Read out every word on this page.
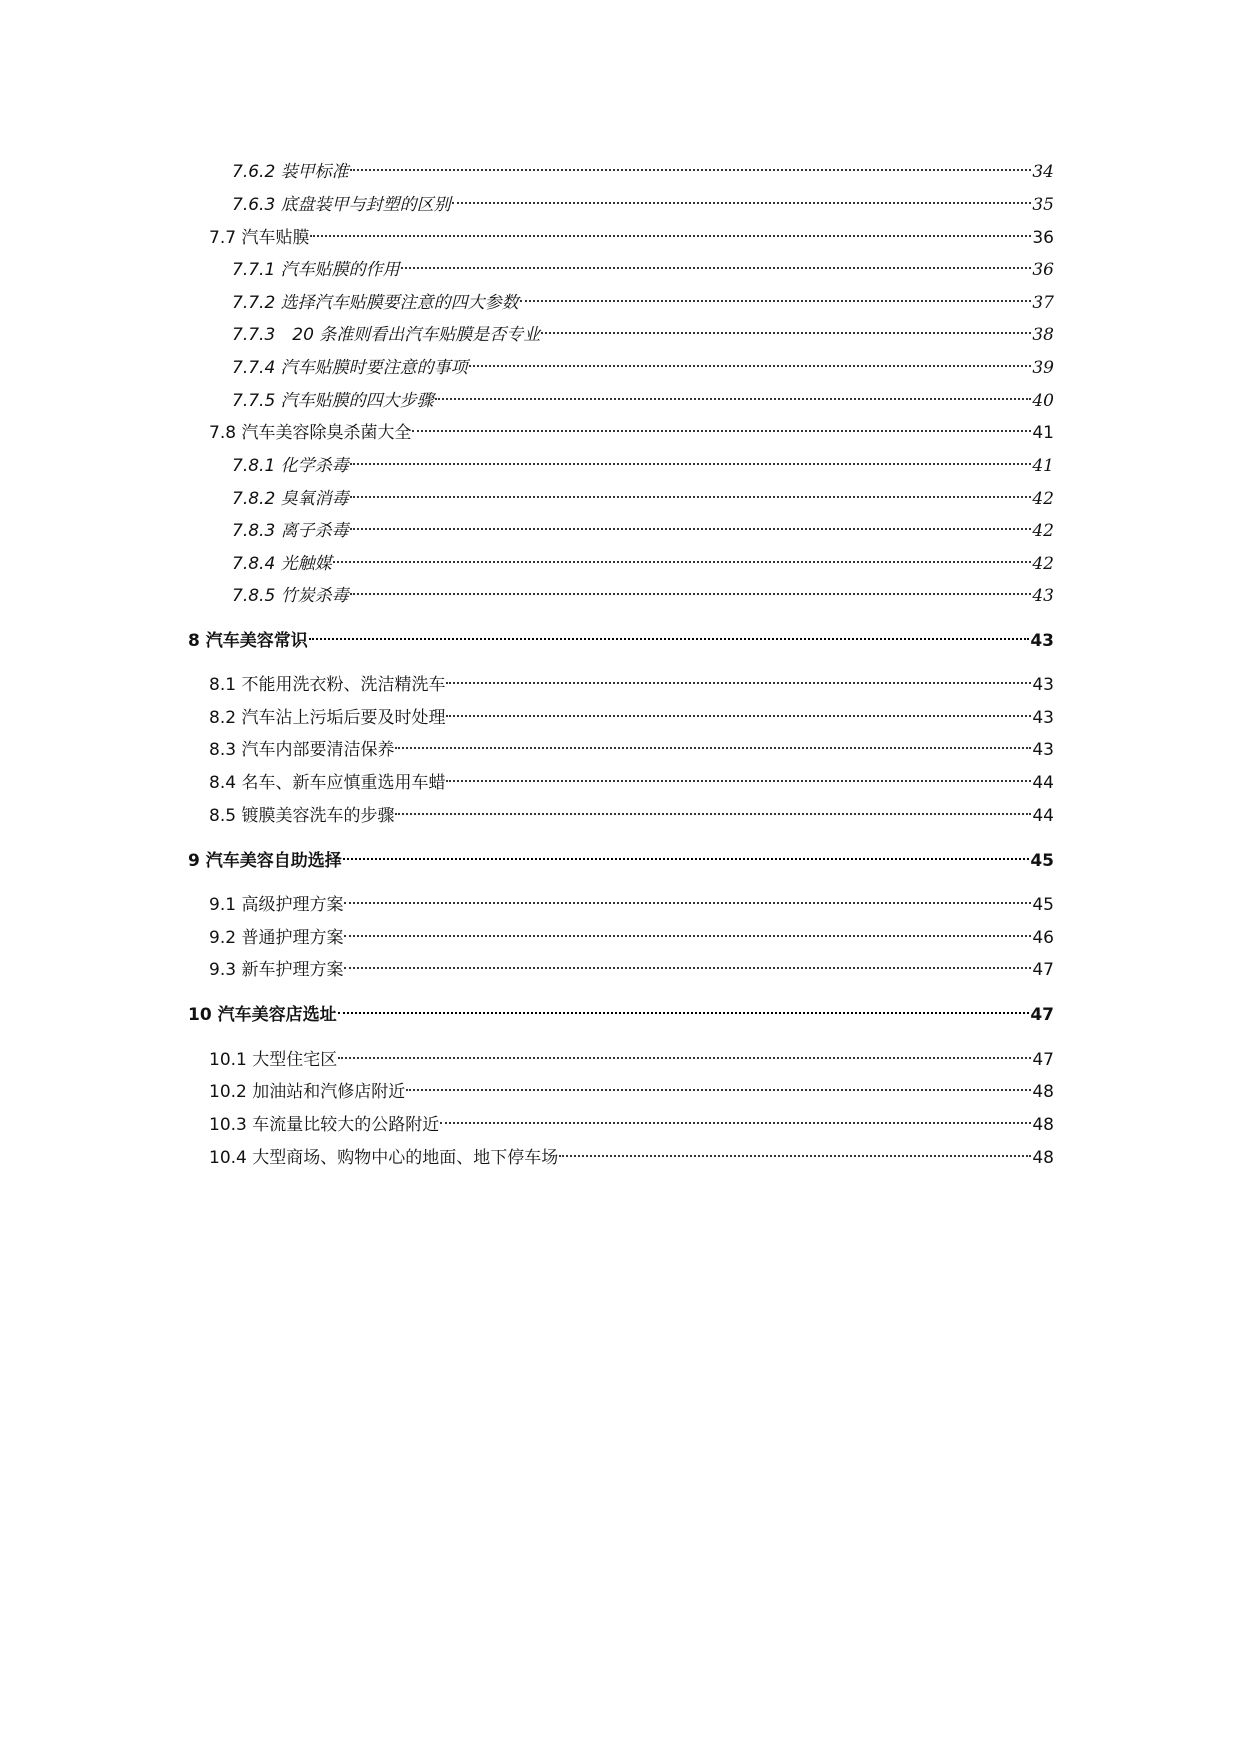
7.6.2 装甲标准	34
7.6.3 底盘装甲与封塑的区别	35
7.7 汽车贴膜	36
7.7.1 汽车贴膜的作用	36
7.7.2 选择汽车贴膜要注意的四大参数	37
7.7.3　20 条准则看出汽车贴膜是否专业	38
7.7.4 汽车贴膜时要注意的事项	39
7.7.5 汽车贴膜的四大步骤	40
7.8 汽车美容除臭杀菌大全	41
7.8.1 化学杀毒	41
7.8.2 臭氧消毒	42
7.8.3 离子杀毒	42
7.8.4 光触媒	42
7.8.5 竹炭杀毒	43
8 汽车美容常识	43
8.1 不能用洗衣粉、洗洁精洗车	43
8.2 汽车沾上污垢后要及时处理	43
8.3 汽车内部要清洁保养	43
8.4 名车、新车应慎重选用车蜡	44
8.5 镀膜美容洗车的步骤	44
9 汽车美容自助选择	45
9.1 高级护理方案	45
9.2 普通护理方案	46
9.3 新车护理方案	47
10 汽车美容店选址	47
10.1 大型住宅区	47
10.2 加油站和汽修店附近	48
10.3 车流量比较大的公路附近	48
10.4 大型商场、购物中心的地面、地下停车场	48
